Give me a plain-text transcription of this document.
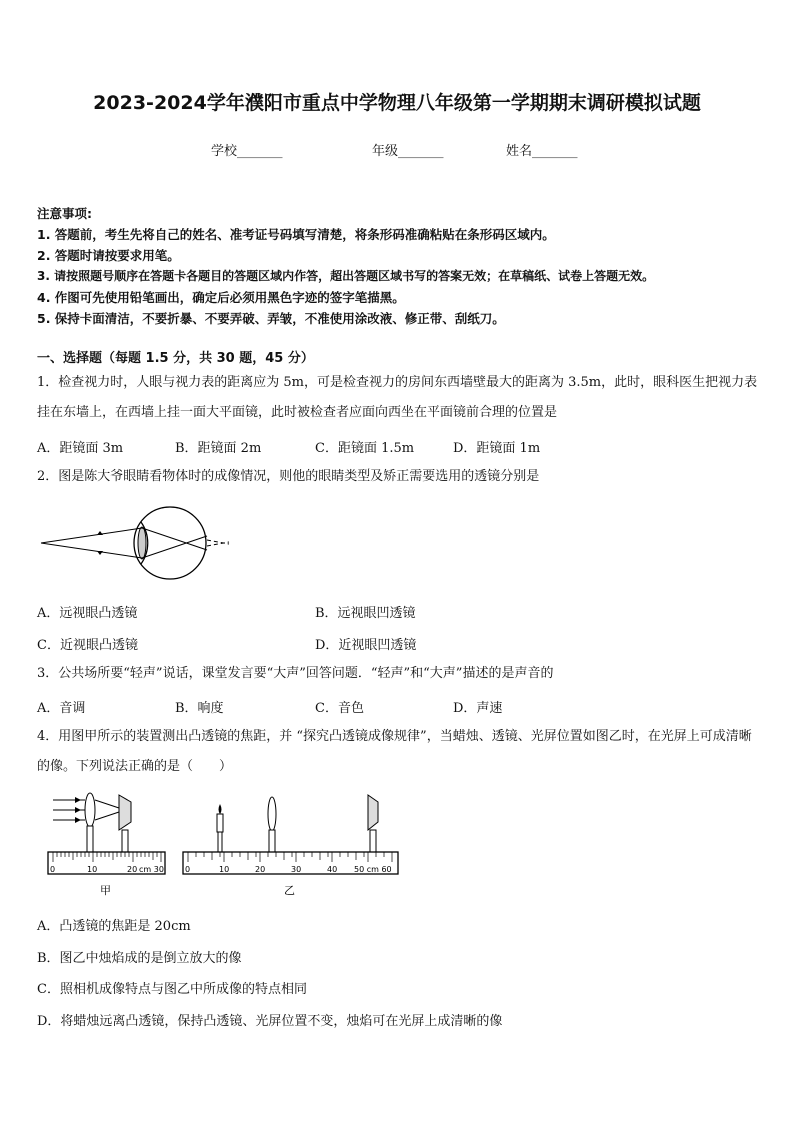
2023-2024学年濮阳市重点中学物理八年级第一学期期末调研模拟试题
学校_______	年级_______	姓名_______
注意事项:
1. 答题前，考生先将自己的姓名、准考证号码填写清楚，将条形码准确粘贴在条形码区域内。
2. 答题时请按要求用笔。
3. 请按照题号顺序在答题卡各题目的答题区域内作答，超出答题区域书写的答案无效；在草稿纸、试卷上答题无效。
4. 作图可先使用铅笔画出，确定后必须用黑色字迹的签字笔描黑。
5. 保持卡面清洁，不要折暴、不要弄破、弄皱，不准使用涂改液、修正带、刮纸刀。
一、选择题（每题 1.5 分，共 30 题，45 分）
1．检查视力时，人眼与视力表的距离应为 5m，可是检查视力的房间东西墙壁最大的距离为 3.5m，此时，眼科医生把视力表挂在东墙上，在西墙上挂一面大平面镜，此时被检查者应面向西坐在平面镜前合理的位置是
A．距镜面 3m	B．距镜面 2m	C．距镜面 1.5m	D．距镜面 1m
2．图是陈大爷眼睛看物体时的成像情况，则他的眼睛类型及矫正需要选用的透镜分别是
A．远视眼凸透镜	B．远视眼凹透镜
C．近视眼凸透镜	D．近视眼凹透镜
3．公共场所要“轻声”说话，课堂发言要“大声”回答问题．“轻声”和“大声”描述的是声音的
A．音调	B．响度	C．音色	D．声速
4．用图甲所示的装置测出凸透镜的焦距，并 “探究凸透镜成像规律”，当蜡烛、透镜、光屏位置如图乙时，在光屏上可成清晰的像。下列说法正确的是（　　）
0	10	20 cm 30
甲
0	10	20	30	40 50 cm 60
乙
A．凸透镜的焦距是 20cm
B．图乙中烛焰成的是倒立放大的像
C．照相机成像特点与图乙中所成像的特点相同
D．将蜡烛远离凸透镜，保持凸透镜、光屏位置不变，烛焰可在光屏上成清晰的像
